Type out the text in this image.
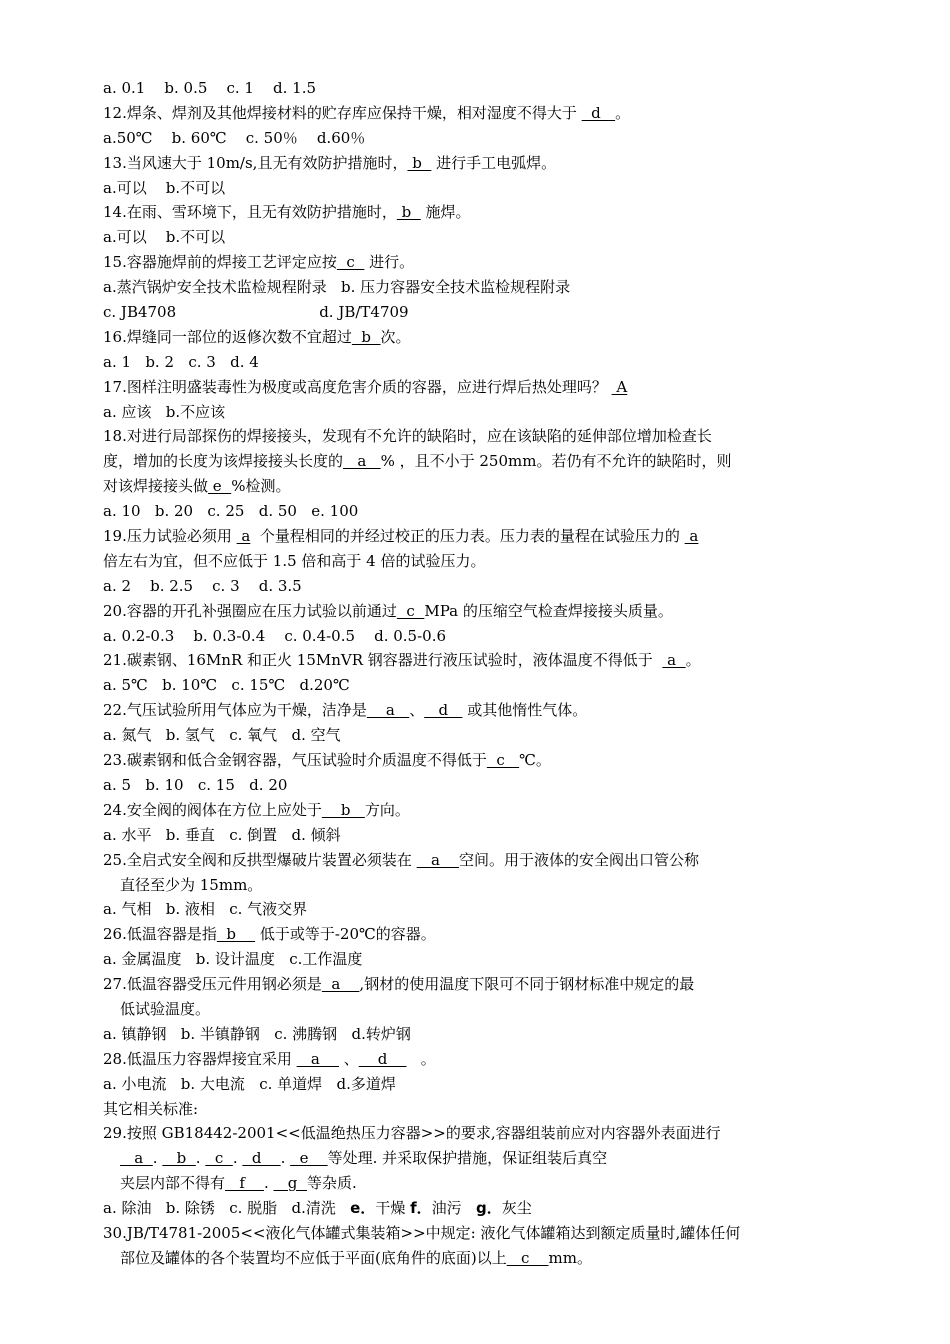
a. 0.1    b. 0.5    c. 1    d. 1.5
12.焊条、焊剂及其他焊接材料的贮存库应保持干燥，相对湿度不得大于   d   。
a.50℃    b. 60℃    c. 50％    d.60％
13.当风速大于 10m/s,且无有效防护措施时， b   进行手工电弧焊。
a.可以    b.不可以
14.在雨、雪环境下，且无有效防护措施时， b   施焊。
a.可以    b.不可以
15.容器施焊前的焊接工艺评定应按  c   进行。
a.蒸汽锅炉安全技术监检规程附录   b. 压力容器安全技术监检规程附录
c. JB4708                              d. JB/T4709
16.焊缝同一部位的返修次数不宜超过  b  次。
a. 1   b. 2   c. 3   d. 4
17.图样注明盛装毒性为极度或高度危害介质的容器，应进行焊后热处理吗？  A
a. 应该   b.不应该
18.对进行局部探伤的焊接接头，发现有不允许的缺陷时，应在该缺陷的延伸部位增加检查长
度，增加的长度为该焊接接头长度的   a   % ，且不小于 250mm。若仍有不允许的缺陷时，则
对该焊接接头做 e  %检测。
a. 10   b. 20   c. 25   d. 50   e. 100
19.压力试验必须用  a  个量程相同的并经过校正的压力表。压力表的量程在试验压力的  a
倍左右为宜，但不应低于 1.5 倍和高于 4 倍的试验压力。
a. 2    b. 2.5    c. 3    d. 3.5
20.容器的开孔补强圈应在压力试验以前通过  c  MPa 的压缩空气检查焊接接头质量。
a. 0.2-0.3    b. 0.3-0.4    c. 0.4-0.5    d. 0.5-0.6
21.碳素钢、16MnR 和正火 15MnVR 钢容器进行液压试验时，液体温度不得低于   a  。
a. 5℃   b. 10℃   c. 15℃   d.20℃
22.气压试验所用气体应为干燥，洁净是    a   、   d    或其他惰性气体。
a. 氮气   b. 氢气   c. 氧气   d. 空气
23.碳素钢和低合金钢容器，气压试验时介质温度不得低于  c   ℃。
a. 5   b. 10   c. 15   d. 20
24.安全阀的阀体在方位上应处于    b   方向。
a. 水平   b. 垂直   c. 倒置   d. 倾斜
25.全启式安全阀和反拱型爆破片装置必须装在    a    空间。用于液体的安全阀出口管公称
直径至少为 15mm。
a. 气相   b. 液相   c. 气液交界
26.低温容器是指  b     低于或等于-20℃的容器。
a. 金属温度   b. 设计温度   c.工作温度
27.低温容器受压元件用钢必须是  a    ,钢材的使用温度下限可不同于钢材标准中规定的最
低试验温度。
a. 镇静钢   b. 半镇静钢   c. 沸腾钢   d.转炉钢
28.低温压力容器焊接宜采用    a     、    d       。
a. 小电流   b. 大电流   c. 单道焊   d.多道焊
其它相关标准:
29.按照 GB18442-2001<<低温绝热压力容器>>的要求,容器组装前应对内容器外表面进行
a  .    b  .   c  .   d    .   e    等处理. 并采取保护措施，保证组装后真空
夹层内部不得有   f    .    g  等杂质.
a. 除油   b. 除锈   c. 脱脂   d.清洗   e．干燥 f．油污   g．灰尘
30.JB/T4781-2005<<液化气体罐式集装箱>>中规定: 液化气体罐箱达到额定质量时,罐体任何
部位及罐体的各个装置均不应低于平面(底角件的底面)以上   c    mm。
